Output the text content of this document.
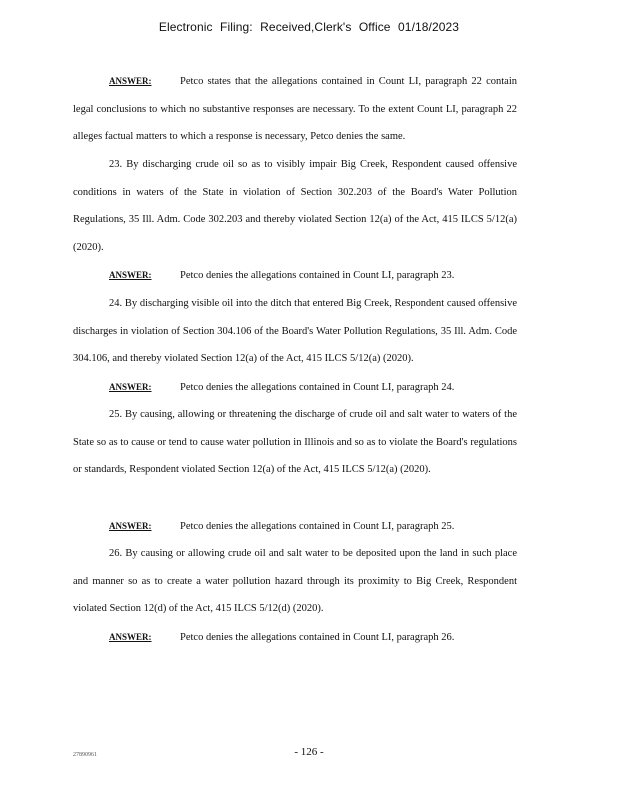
Electronic Filing: Received,Clerk's Office 01/18/2023
ANSWER:	Petco states that the allegations contained in Count LI, paragraph 22 contain legal conclusions to which no substantive responses are necessary. To the extent Count LI, paragraph 22 alleges factual matters to which a response is necessary, Petco denies the same.
23. By discharging crude oil so as to visibly impair Big Creek, Respondent caused offensive conditions in waters of the State in violation of Section 302.203 of the Board's Water Pollution Regulations, 35 Ill. Adm. Code 302.203 and thereby violated Section 12(a) of the Act, 415 ILCS 5/12(a) (2020).
ANSWER:	Petco denies the allegations contained in Count LI, paragraph 23.
24. By discharging visible oil into the ditch that entered Big Creek, Respondent caused offensive discharges in violation of Section 304.106 of the Board's Water Pollution Regulations, 35 Ill. Adm. Code 304.106, and thereby violated Section 12(a) of the Act, 415 ILCS 5/12(a) (2020).
ANSWER:	Petco denies the allegations contained in Count LI, paragraph 24.
25. By causing, allowing or threatening the discharge of crude oil and salt water to waters of the State so as to cause or tend to cause water pollution in Illinois and so as to violate the Board's regulations or standards, Respondent violated Section 12(a) of the Act, 415 ILCS 5/12(a) (2020).
ANSWER:	Petco denies the allegations contained in Count LI, paragraph 25.
26. By causing or allowing crude oil and salt water to be deposited upon the land in such place and manner so as to create a water pollution hazard through its proximity to Big Creek, Respondent violated Section 12(d) of the Act, 415 ILCS 5/12(d) (2020).
ANSWER:	Petco denies the allegations contained in Count LI, paragraph 26.
27890961	- 126 -
